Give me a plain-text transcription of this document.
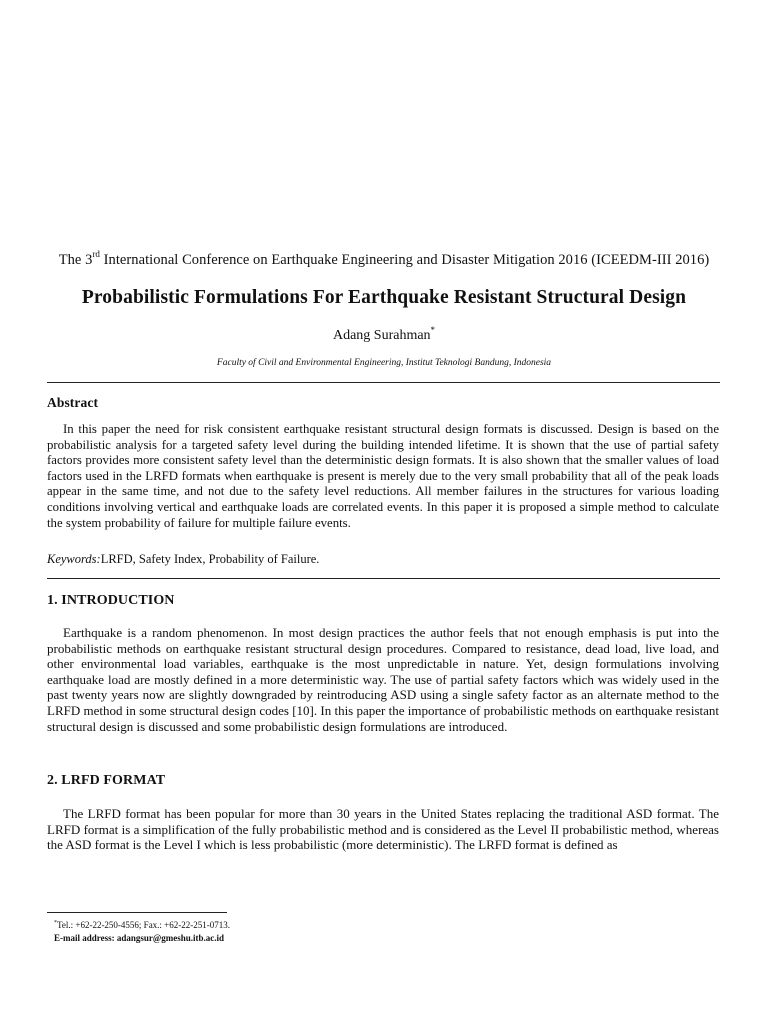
The 3rd International Conference on Earthquake Engineering and Disaster Mitigation 2016 (ICEEDM-III 2016)
Probabilistic Formulations For Earthquake Resistant Structural Design
Adang Surahman*
Faculty of Civil and Environmental Engineering, Institut Teknologi Bandung, Indonesia
Abstract

In this paper the need for risk consistent earthquake resistant structural design formats is discussed. Design is based on the probabilistic analysis for a targeted safety level during the building intended lifetime. It is shown that the use of partial safety factors provides more consistent safety level than the deterministic design formats. It is also shown that the smaller values of load factors used in the LRFD formats when earthquake is present is merely due to the very small probability that all of the peak loads appear in the same time, and not due to the safety level reductions. All member failures in the structures for various loading conditions involving vertical and earthquake loads are correlated events. In this paper it is proposed a simple method to calculate the system probability of failure for multiple failure events.

Keywords:LRFD, Safety Index, Probability of Failure.
1. INTRODUCTION

Earthquake is a random phenomenon. In most design practices the author feels that not enough emphasis is put into the probabilistic methods on earthquake resistant structural design procedures. Compared to resistance, dead load, live load, and other environmental load variables, earthquake is the most unpredictable in nature. Yet, design formulations involving earthquake load are mostly defined in a more deterministic way. The use of partial safety factors which was widely used in the past twenty years now are slightly downgraded by reintroducing ASD using a single safety factor as an alternate method to the LRFD method in some structural design codes [10]. In this paper the importance of probabilistic methods on earthquake resistant structural design is discussed and some probabilistic design formulations are introduced.

2. LRFD FORMAT

The LRFD format has been popular for more than 30 years in the United States replacing the traditional ASD format. The LRFD format is a simplification of the fully probabilistic method and is considered as the Level II probabilistic method, whereas the ASD format is the Level I which is less probabilistic (more deterministic). The LRFD format is defined as

*Tel.: +62-22-250-4556; Fax.: +62-22-251-0713.
E-mail address: adangsur@gmeshu.itb.ac.id
